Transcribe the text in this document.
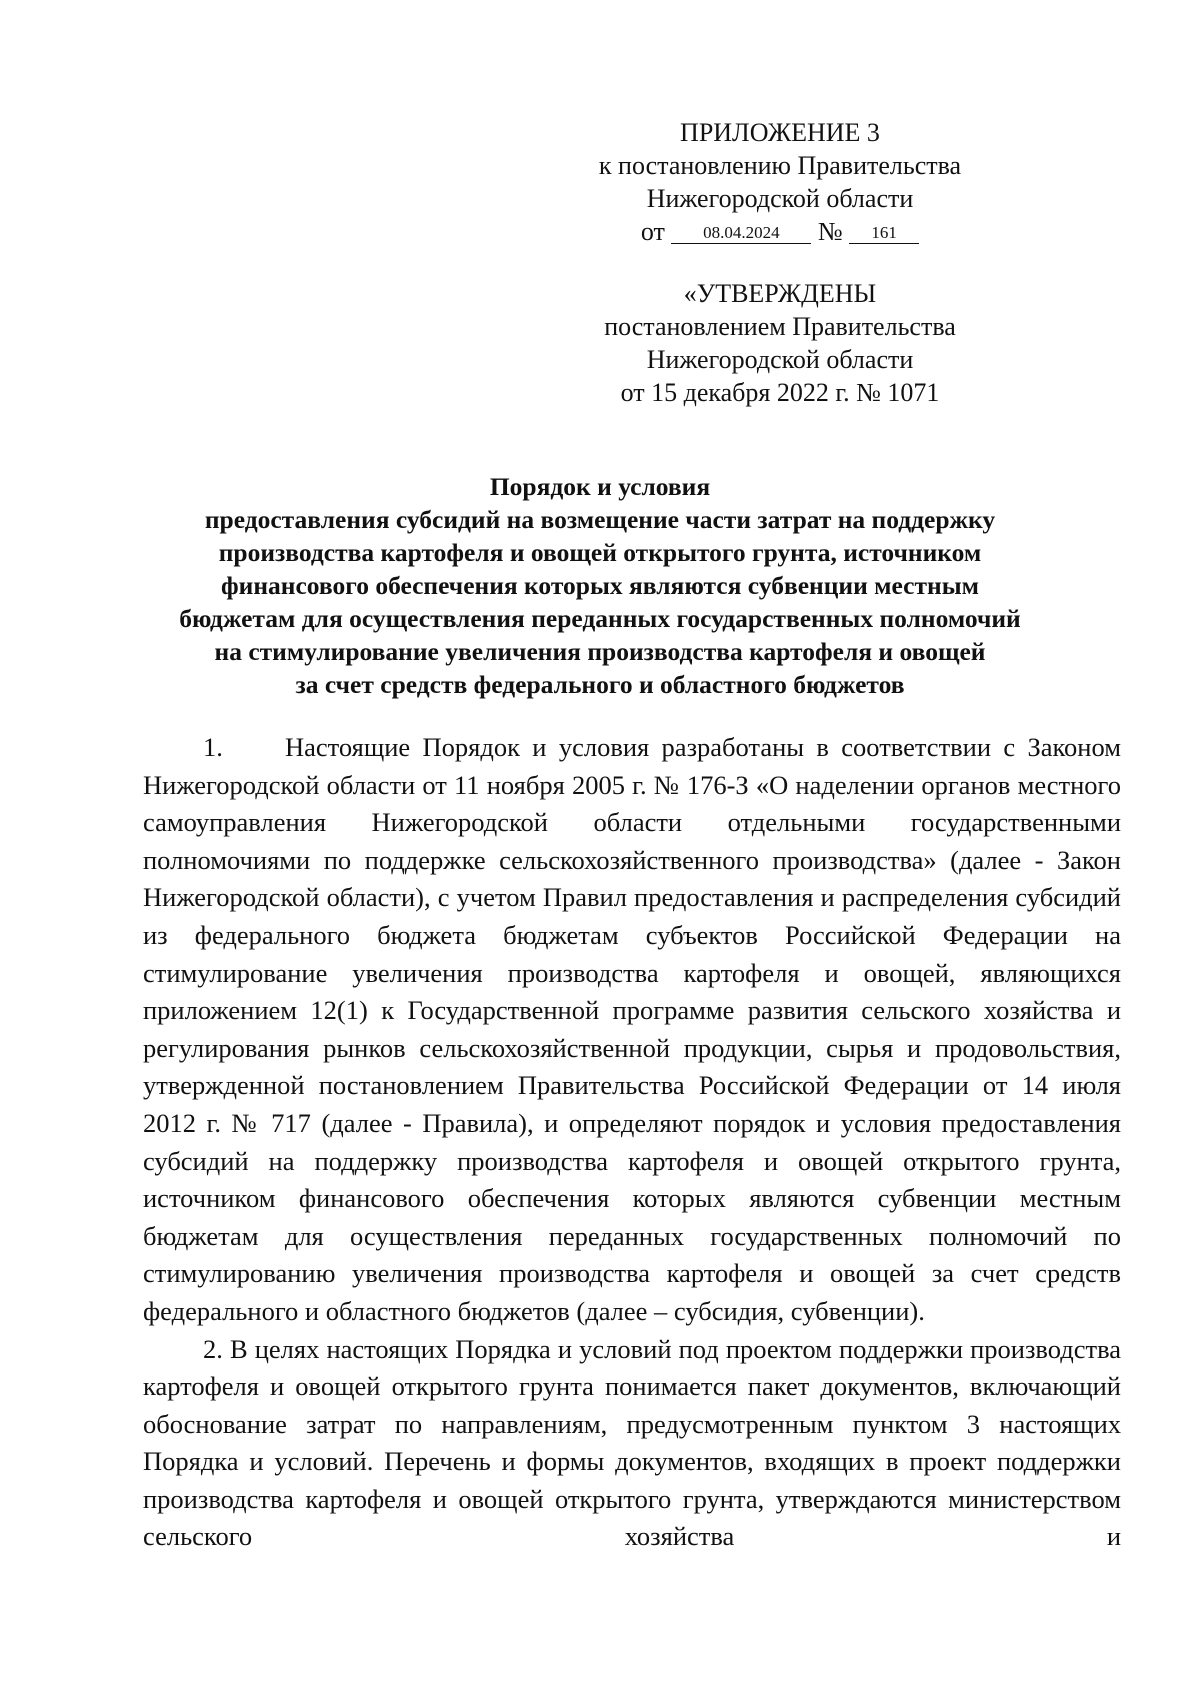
ПРИЛОЖЕНИЕ 3
к постановлению Правительства
Нижегородской области
от 08.04.2024 № 161
«УТВЕРЖДЕНЫ
постановлением Правительства
Нижегородской области
от 15 декабря 2022 г. № 1071
Порядок и условия
предоставления субсидий на возмещение части затрат на поддержку
производства картофеля и овощей открытого грунта, источником
финансового обеспечения которых являются субвенции местным
бюджетам для осуществления переданных государственных полномочий
на стимулирование увеличения производства картофеля и овощей
за счет средств федерального и областного бюджетов

1. Настоящие Порядок и условия разработаны в соответствии с Законом Нижегородской области от 11 ноября 2005 г. № 176-З «О наделении органов местного самоуправления Нижегородской области отдельными государственными полномочиями по поддержке сельскохозяйственного производства» (далее - Закон Нижегородской области), с учетом Правил предоставления и распределения субсидий из федерального бюджета бюджетам субъектов Российской Федерации на стимулирование увеличения производства картофеля и овощей, являющихся приложением 12(1) к Государственной программе развития сельского хозяйства и регулирования рынков сельскохозяйственной продукции, сырья и продовольствия, утвержденной постановлением Правительства Российской Федерации от 14 июля 2012 г. № 717 (далее - Правила), и определяют порядок и условия предоставления субсидий на поддержку производства картофеля и овощей открытого грунта, источником финансового обеспечения которых являются субвенции местным бюджетам для осуществления переданных государственных полномочий по стимулированию увеличения производства картофеля и овощей за счет средств федерального и областного бюджетов (далее – субсидия, субвенции).

2. В целях настоящих Порядка и условий под проектом поддержки производства картофеля и овощей открытого грунта понимается пакет документов, включающий обоснование затрат по направлениям, предусмотренным пунктом 3 настоящих Порядка и условий. Перечень и формы документов, входящих в проект поддержки производства картофеля и овощей открытого грунта, утверждаются министерством сельского хозяйства и
